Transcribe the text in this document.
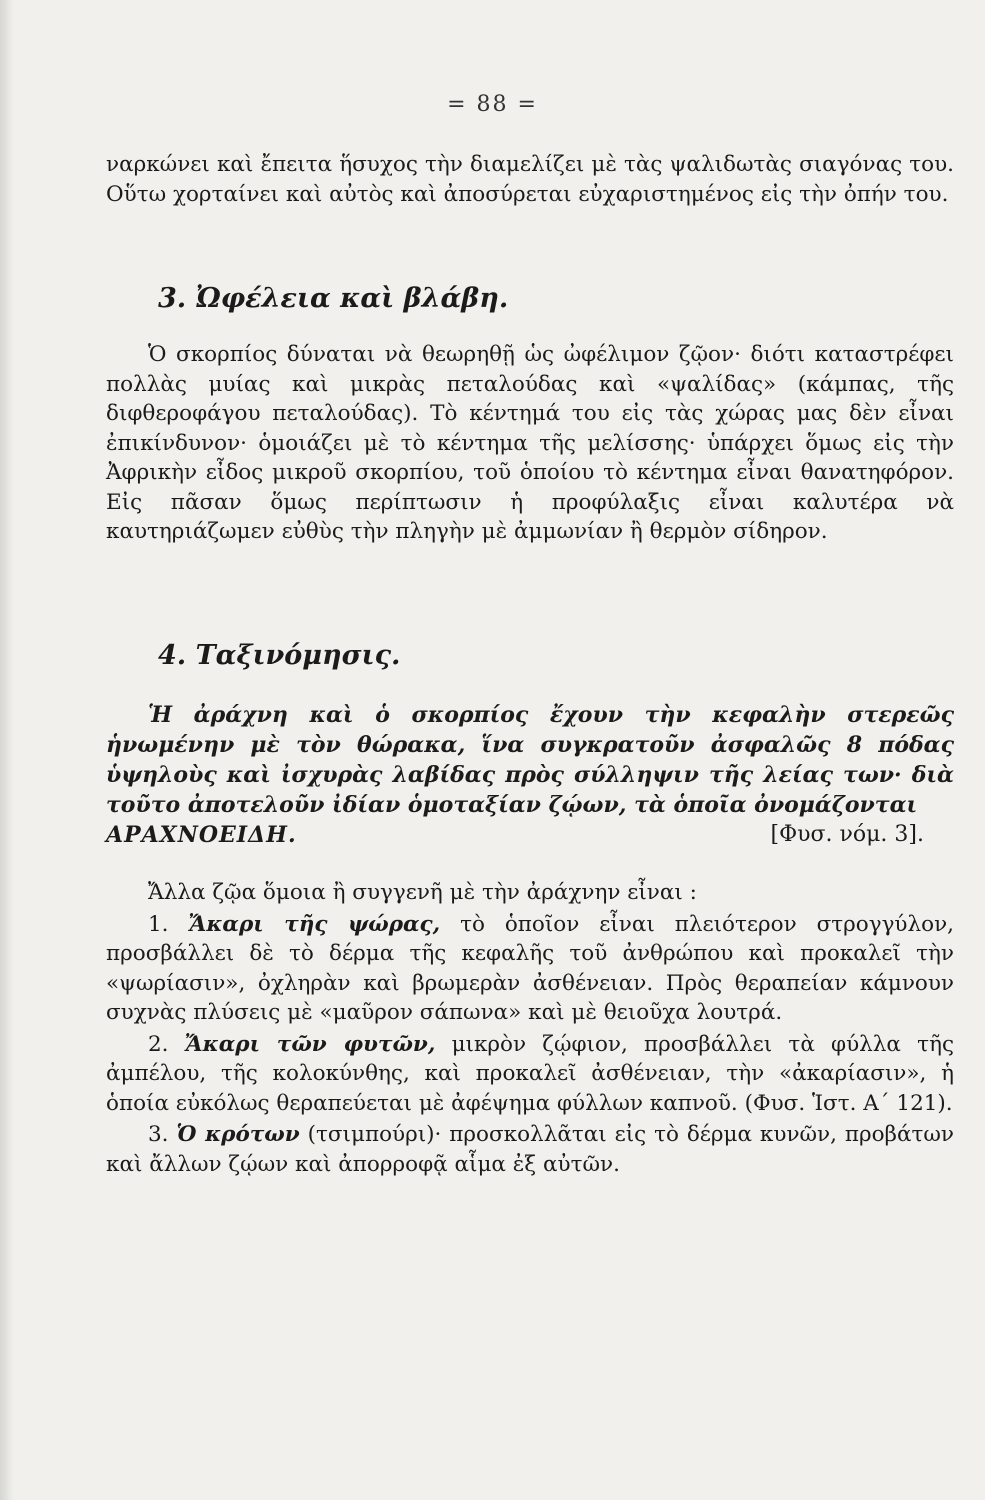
= 88 =

ναρκώνει καὶ ἔπειτα ἥσυχος τὴν διαμελίζει μὲ τὰς ψαλιδωτὰς σιαγόνας του. Οὕτω χορταίνει καὶ αὐτὸς καὶ ἀποσύρεται εὐχαριστημένος εἰς τὴν ὀπήν του.

3. Ὠφέλεια καὶ βλάβη.

Ὁ σκορπίος δύναται νὰ θεωρηθῇ ὡς ὠφέλιμον ζῷον· διότι καταστρέφει πολλὰς μυίας καὶ μικρὰς πεταλούδας καὶ «ψαλίδας» (κάμπας, τῆς διφθεροφάγου πεταλούδας). Τὸ κέντημά του εἰς τὰς χώρας μας δὲν εἶναι ἐπικίνδυνον· ὁμοιάζει μὲ τὸ κέντημα τῆς μελίσσης· ὑπάρχει ὅμως εἰς τὴν Ἀφρικὴν εἶδος μικροῦ σκορπίου, τοῦ ὁποίου τὸ κέντημα εἶναι θανατηφόρον. Εἰς πᾶσαν ὅμως περίπτωσιν ἡ προφύλαξις εἶναι καλυτέρα νὰ καυτηριάζωμεν εὐθὺς τὴν πληγὴν μὲ ἀμμωνίαν ἢ θερμὸν σίδηρον.

4. Ταξινόμησις.

Ἡ ἀράχνη καὶ ὁ σκορπίος ἔχουν τὴν κεφαλὴν στερεῶς ἡνωμένην μὲ τὸν θώρακα, ἵνα συγκρατοῦν ἀσφαλῶς 8 πόδας ὑψηλοὺς καὶ ἰσχυρὰς λαβίδας πρὸς σύλληψιν τῆς λείας των· διὰ τοῦτο ἀποτελοῦν ἰδίαν ὁμοταξίαν ζῴων, τὰ ὁποῖα ὀνομάζονται

ΑΡΑΧΝΟΕΙΔΗ.	[Φυσ. νόμ. 3].

Ἄλλα ζῷα ὅμοια ἢ συγγενῆ μὲ τὴν ἀράχνην εἶναι :

1. Ἄκαρι τῆς ψώρας, τὸ ὁποῖον εἶναι πλειότερον στρογγύλον, προσβάλλει δὲ τὸ δέρμα τῆς κεφαλῆς τοῦ ἀνθρώπου καὶ προκαλεῖ τὴν «ψωρίασιν», ὀχληρὰν καὶ βρωμερὰν ἀσθένειαν. Πρὸς θεραπείαν κάμνουν συχνὰς πλύσεις μὲ «μαῦρον σάπωνα» καὶ μὲ θειοῦχα λουτρά.

2. Ἄκαρι τῶν φυτῶν, μικρὸν ζῴφιον, προσβάλλει τὰ φύλλα τῆς ἀμπέλου, τῆς κολοκύνθης, καὶ προκαλεῖ ἀσθένειαν, τὴν «ἀκαρίασιν», ἡ ὁποία εὐκόλως θεραπεύεται μὲ ἀφέψημα φύλλων καπνοῦ. (Φυσ. Ἱστ. Α΄ 121).

3. Ὁ κρότων (τσιμπούρι)· προσκολλᾶται εἰς τὸ δέρμα κυνῶν, προβάτων καὶ ἄλλων ζῴων καὶ ἀπορροφᾷ αἷμα ἐξ αὐτῶν.
